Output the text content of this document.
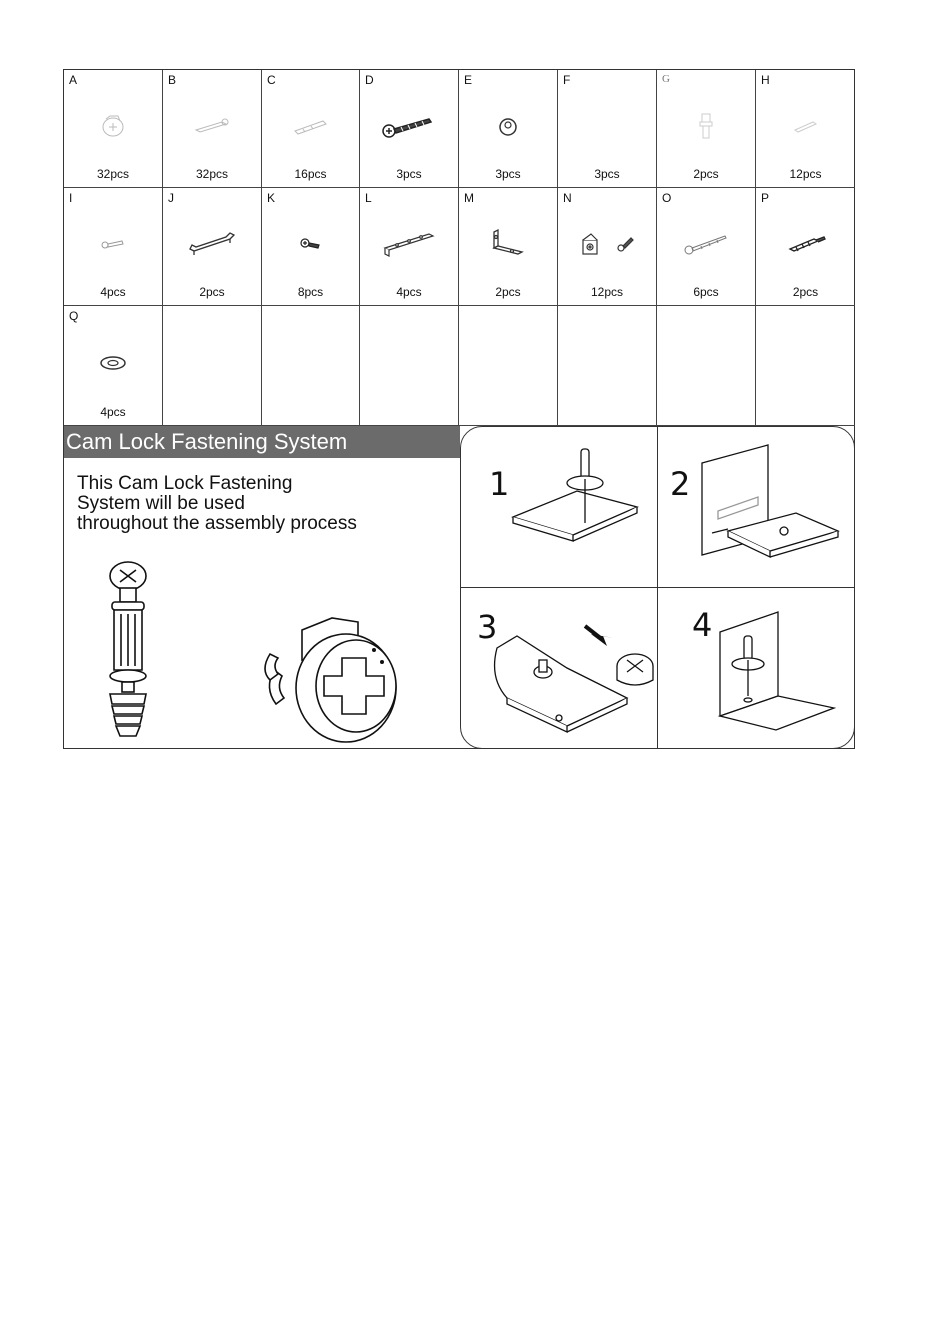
A
32pcs
B
32pcs
C
16pcs
D
3pcs
E
3pcs
F
3pcs
G
2pcs
H
12pcs
I
4pcs
J
2pcs
K
8pcs
L
4pcs
M
2pcs
N
12pcs
O
6pcs
P
2pcs
Q
4pcs
Cam Lock Fastening System
This Cam Lock Fastening
System will be used
throughout the assembly process
1	2
3	4
